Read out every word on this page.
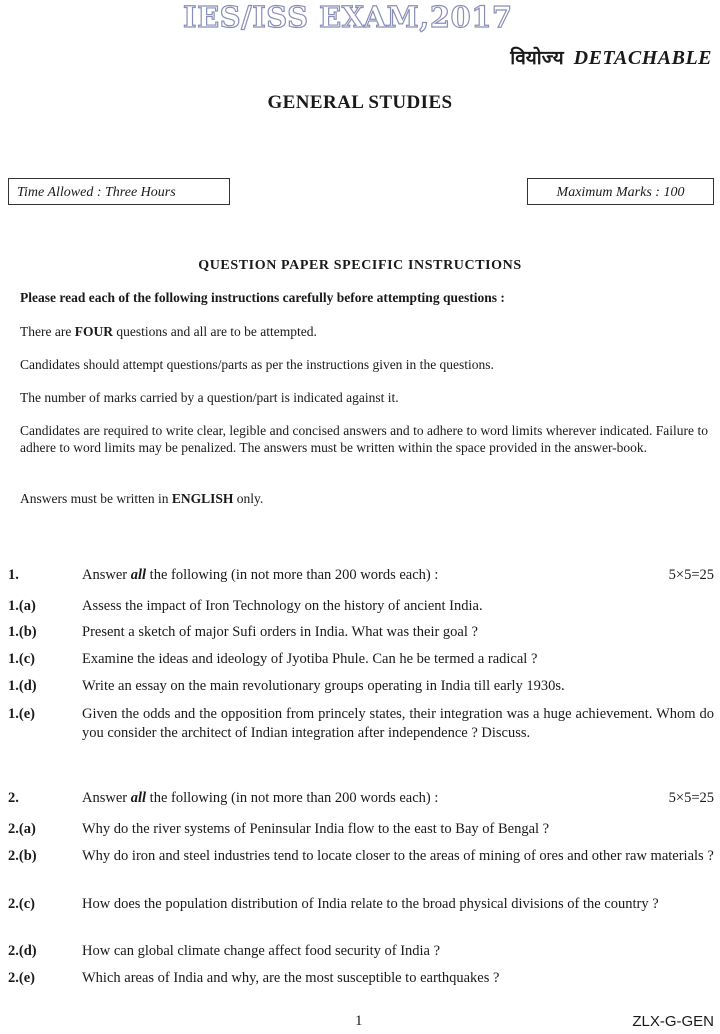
IES/ISS EXAM,2017
वियोज्य DETACHABLE
GENERAL STUDIES
Time Allowed : Three Hours	Maximum Marks : 100
QUESTION PAPER SPECIFIC INSTRUCTIONS
Please read each of the following instructions carefully before attempting questions :
There are FOUR questions and all are to be attempted.
Candidates should attempt questions/parts as per the instructions given in the questions.
The number of marks carried by a question/part is indicated against it.
Candidates are required to write clear, legible and concised answers and to adhere to word limits wherever indicated. Failure to adhere to word limits may be penalized. The answers must be written within the space provided in the answer-book.
Answers must be written in ENGLISH only.
1.	Answer all the following (in not more than 200 words each) :	5×5=25
1.(a)	Assess the impact of Iron Technology on the history of ancient India.
1.(b)	Present a sketch of major Sufi orders in India. What was their goal ?
1.(c)	Examine the ideas and ideology of Jyotiba Phule. Can he be termed a radical ?
1.(d)	Write an essay on the main revolutionary groups operating in India till early 1930s.
1.(e)	Given the odds and the opposition from princely states, their integration was a huge achievement. Whom do you consider the architect of Indian integration after independence ? Discuss.
2.	Answer all the following (in not more than 200 words each) :	5×5=25
2.(a)	Why do the river systems of Peninsular India flow to the east to Bay of Bengal ?
2.(b)	Why do iron and steel industries tend to locate closer to the areas of mining of ores and other raw materials ?
2.(c)	How does the population distribution of India relate to the broad physical divisions of the country ?
2.(d)	How can global climate change affect food security of India ?
2.(e)	Which areas of India and why, are the most susceptible to earthquakes ?
1	ZLX-G-GEN
